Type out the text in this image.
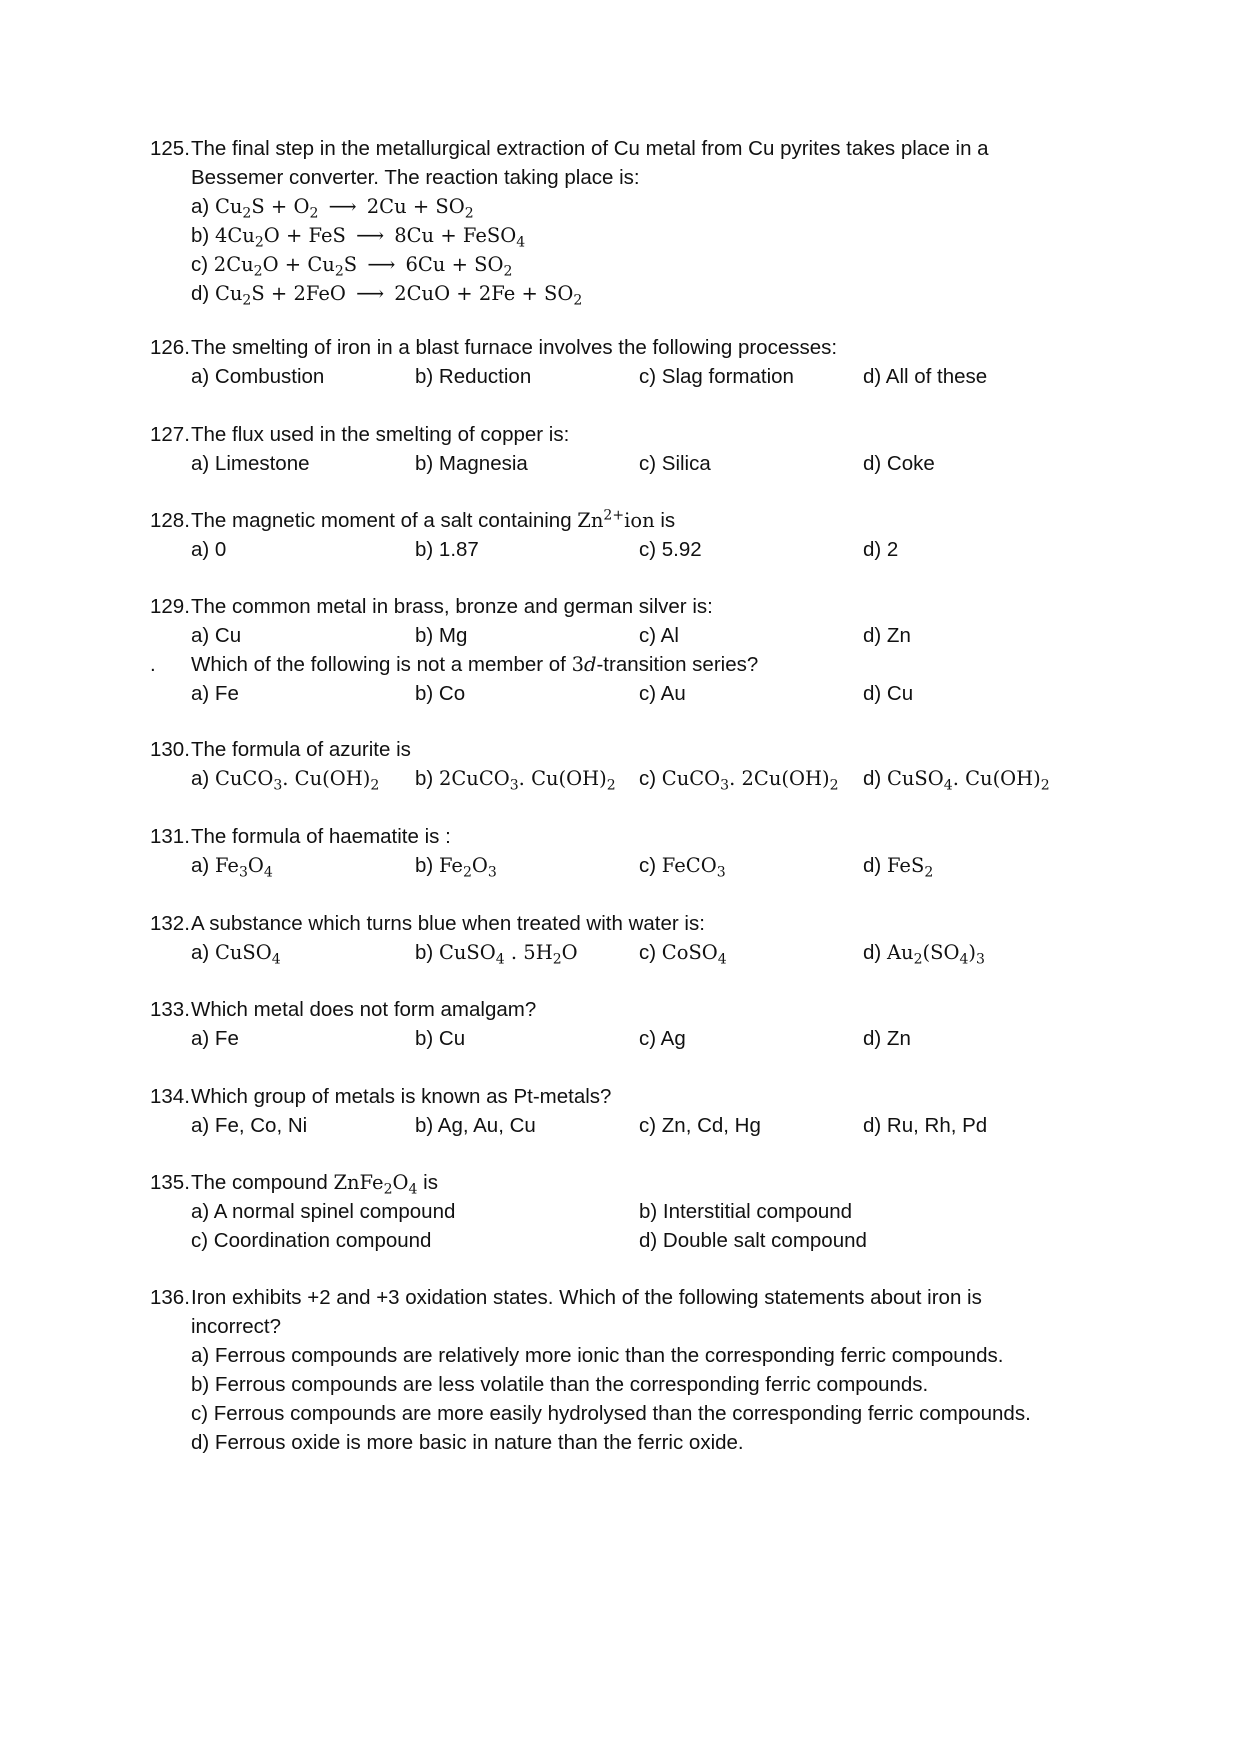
125. The final step in the metallurgical extraction of Cu metal from Cu pyrites takes place in a
Bessemer converter. The reaction taking place is:
a) $Cu_2S + O_2$ ⟶ $2Cu + SO_2$
b) $4Cu_2O$ + FeS ⟶ 8Cu + FeSO$_4$
c) $2Cu_2O + Cu_2S$ ⟶ $6Cu + SO_2$
d) $Cu_2S + 2FeO$ ⟶ $2CuO + 2Fe + SO_2$
126. The smelting of iron in a blast furnace involves the following processes:
a) Combustion	b) Reduction	c) Slag formation	d) All of these
127. The flux used in the smelting of copper is:
a) Limestone	b) Magnesia	c) Silica	d) Coke
128. The magnetic moment of a salt containing $Zn^{2+}ion$ is
a) 0	b) 1.87	c) 5.92	d) 2
129. The common metal in brass, bronze and german silver is:
a) Cu	b) Mg	c) Al	d) Zn
. Which of the following is not a member of 3d-transition series?
a) Fe	b) Co	c) Au	d) Cu
130. The formula of azurite is
a) CuCO$_3$. $Cu(OH)_2$ b) 2CuCO$_3$. $Cu(OH)_2$ c) CuCO$_3$. $2Cu(OH)_2$ d) CuSO$_4$. $Cu(OH)_2$
131. The formula of haematite is :
a) $Fe_3O_4$	b) $Fe_2O_3$	c) FeCO$_3$	d) FeS$_2$
132. A substance which turns blue when treated with water is:
a) CuSO$_4$	b) CuSO$_4$ . $5H_2O$	c) CoSO$_4$	d) $Au_2(SO_4)_3$
133. Which metal does not form amalgam?
a) Fe	b) Cu	c) Ag	d) Zn
134. Which group of metals is known as Pt-metals?
a) Fe, Co, Ni	b) Ag, Au, Cu	c) Zn, Cd, Hg	d) Ru, Rh, Pd
135. The compound $ZnFe_2O_4$ is
a) A normal spinel compound	b) Interstitial compound
c) Coordination compound	d) Double salt compound
136. Iron exhibits +2 and +3 oxidation states. Which of the following statements about iron is
incorrect?
a) Ferrous compounds are relatively more ionic than the corresponding ferric compounds.
b) Ferrous compounds are less volatile than the corresponding ferric compounds.
c) Ferrous compounds are more easily hydrolysed than the corresponding ferric compounds.
d) Ferrous oxide is more basic in nature than the ferric oxide.
